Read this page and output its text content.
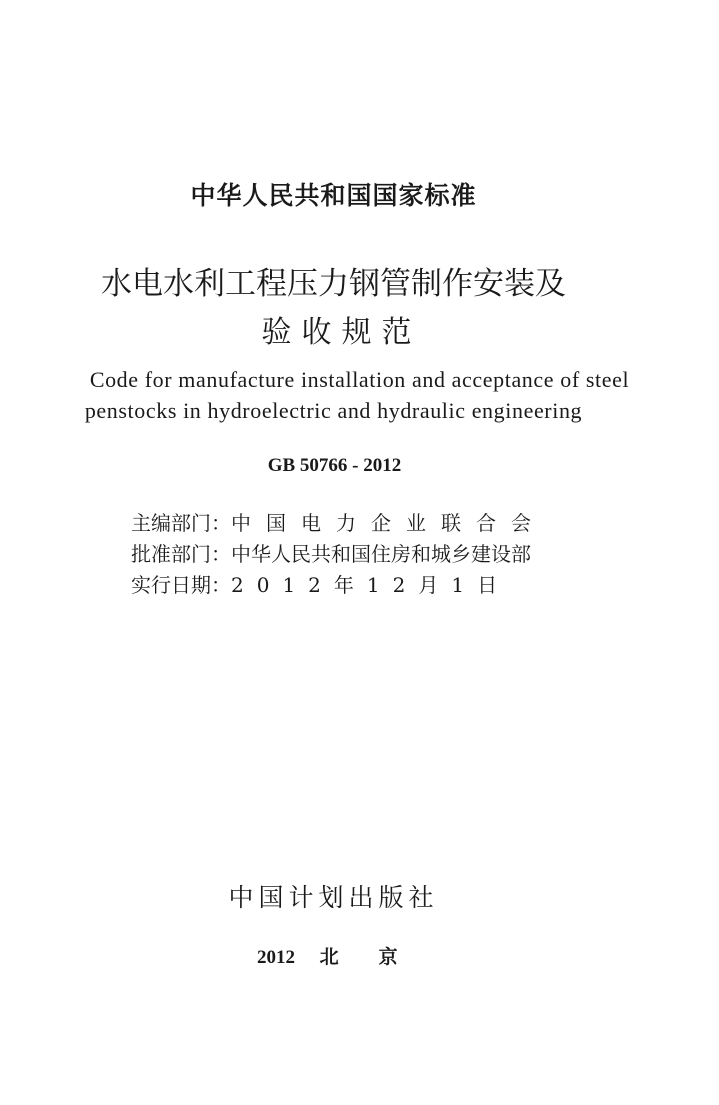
中华人民共和国国家标准
水电水利工程压力钢管制作安装及
验收规范
Code for manufacture installation and acceptance of steel
penstocks in hydroelectric and hydraulic engineering
GB 50766 - 2012
主编部门： 中国电力企业联合会
批准部门： 中华人民共和国住房和城乡建设部
实行日期： 2012年12月1日
中国计划出版社
2012 北京
